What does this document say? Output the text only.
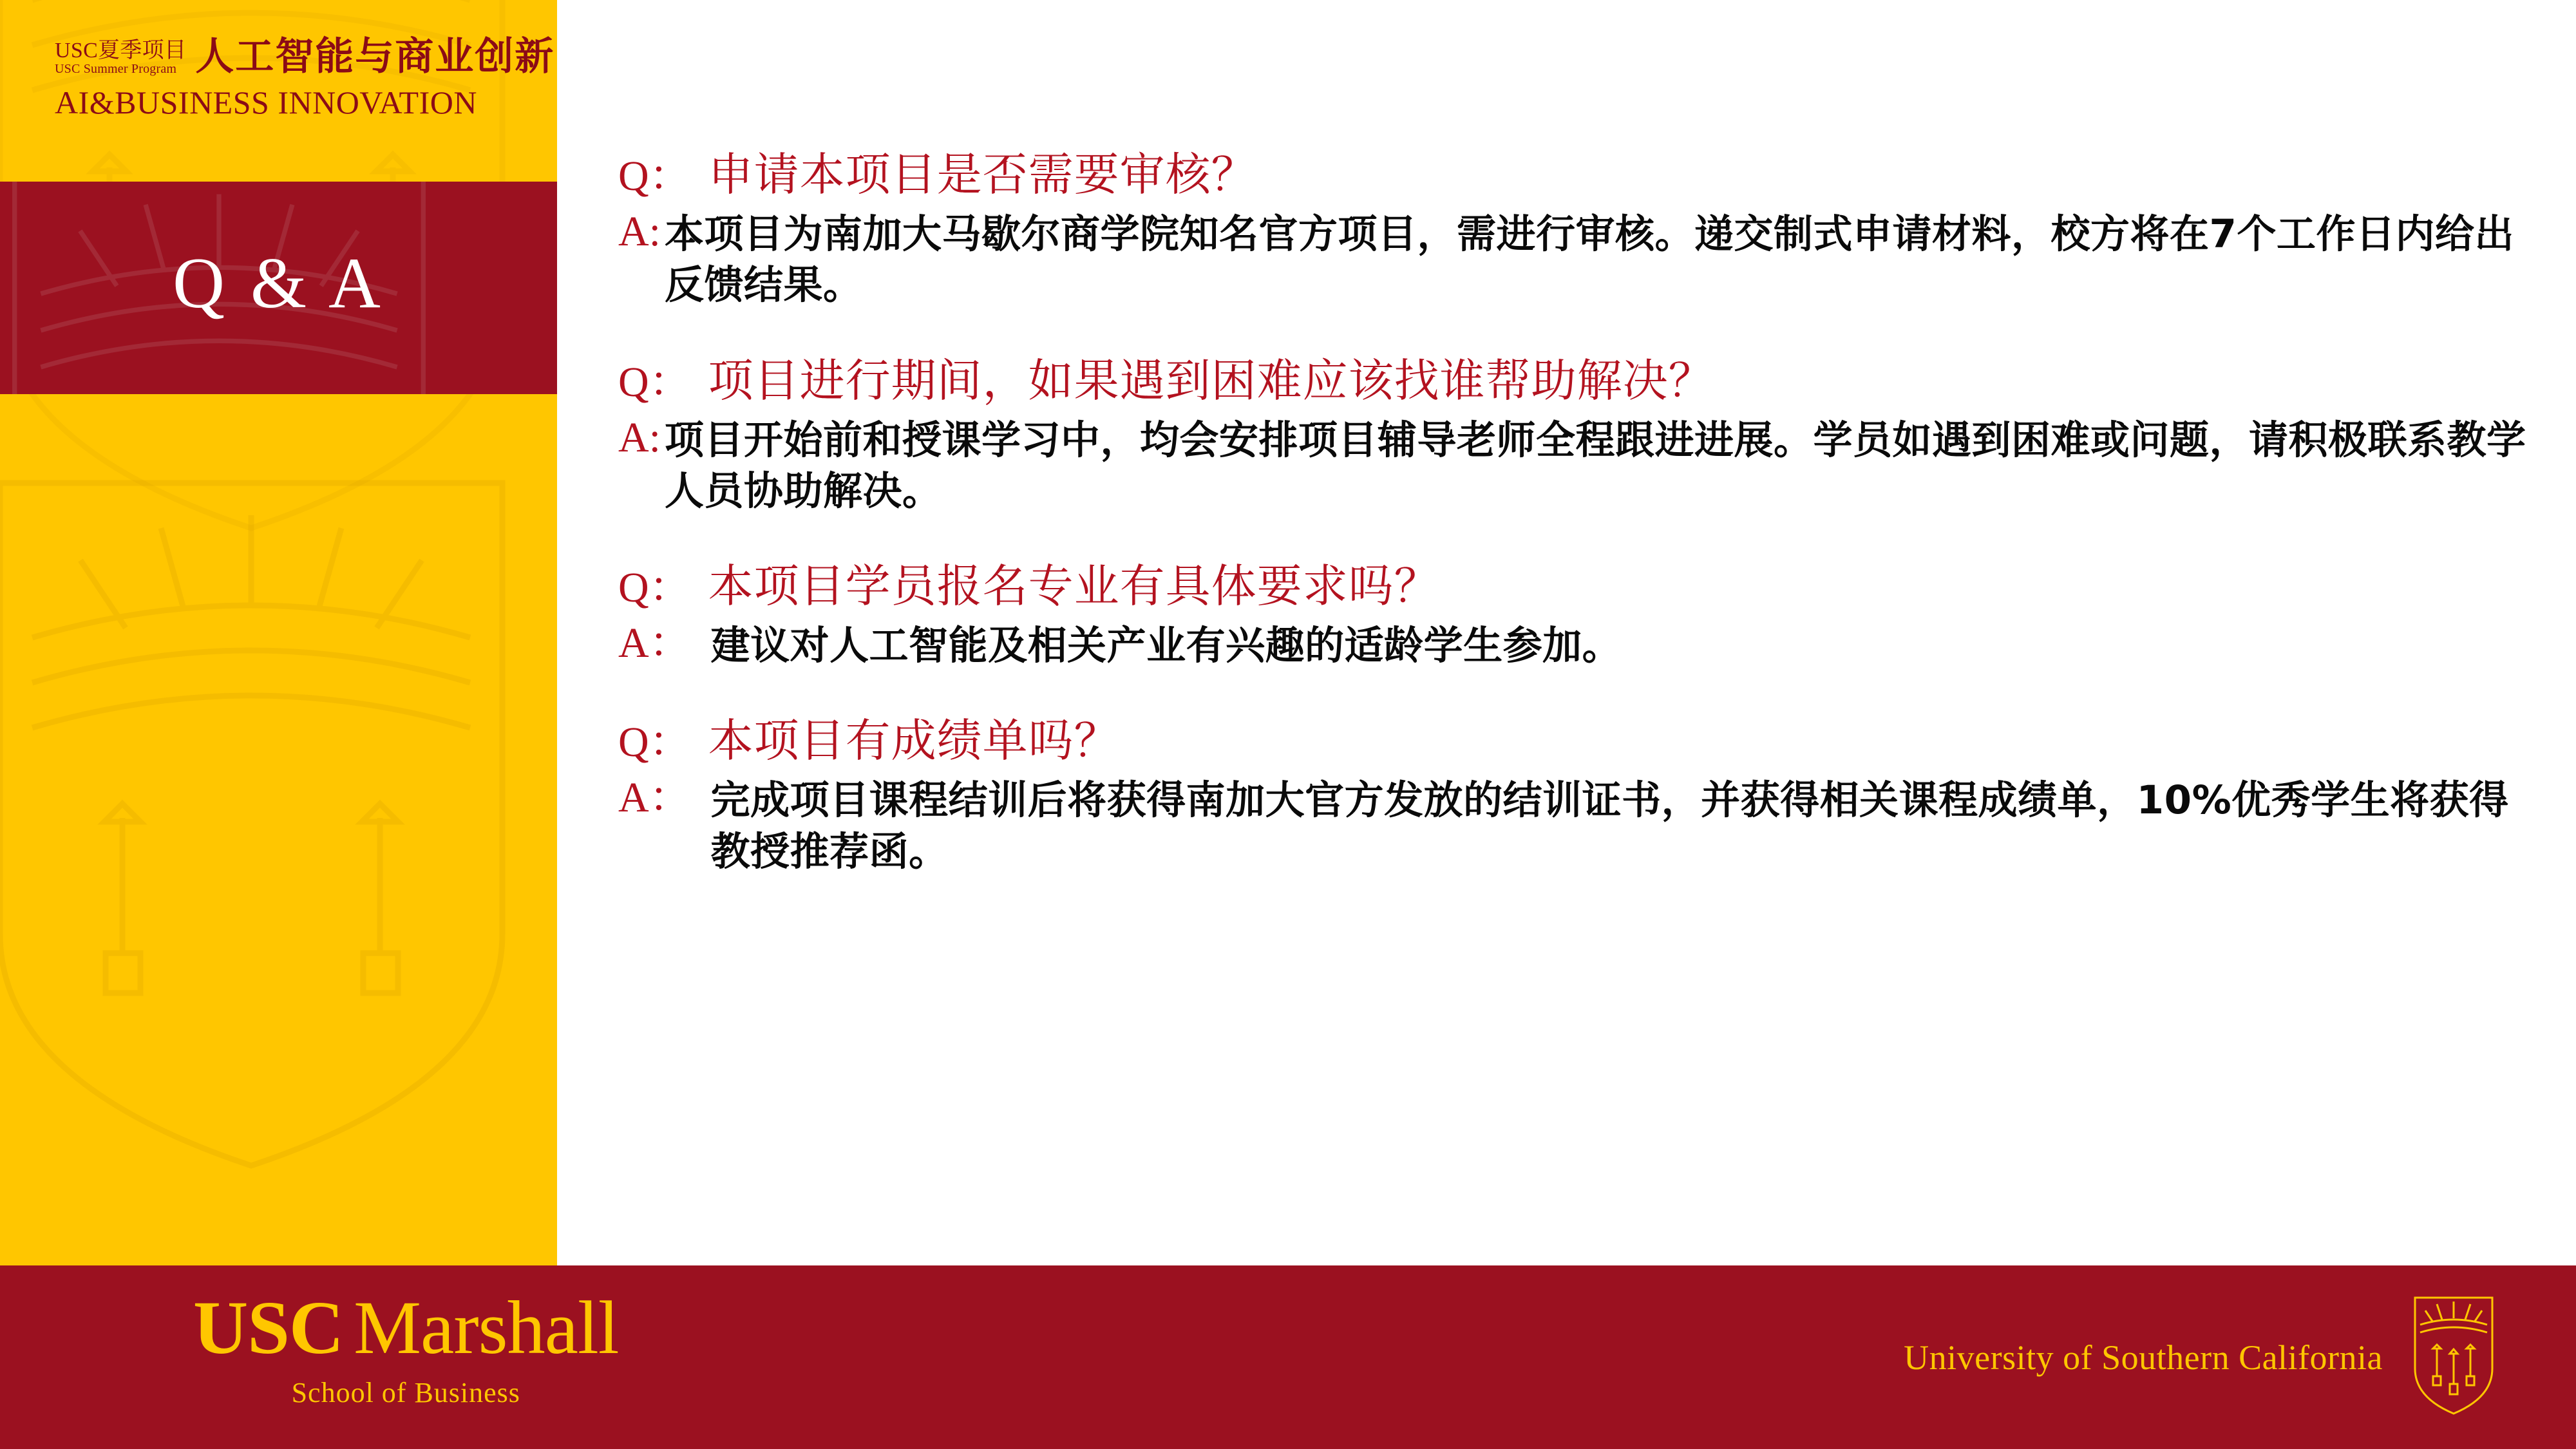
USC夏季项目
USC Summer Program 人工智能与商业创新
AI&BUSINESS INNOVATION
Q & A
Q： 申请本项目是否需要审核？
A: 本项目为南加大马歇尔商学院知名官方项目，需进行审核。递交制式申请材料，校方将在7个工作日内给出反馈结果。
Q： 项目进行期间，如果遇到困难应该找谁帮助解决？
A: 项目开始前和授课学习中，均会安排项目辅导老师全程跟进进展。学员如遇到困难或问题，请积极联系教学人员协助解决。
Q： 本项目学员报名专业有具体要求吗？
A： 建议对人工智能及相关产业有兴趣的适龄学生参加。
Q： 本项目有成绩单吗？
A： 完成项目课程结训后将获得南加大官方发放的结训证书，并获得相关课程成绩单，10%优秀学生将获得教授推荐函。
USC Marshall
School of Business
University of Southern California
